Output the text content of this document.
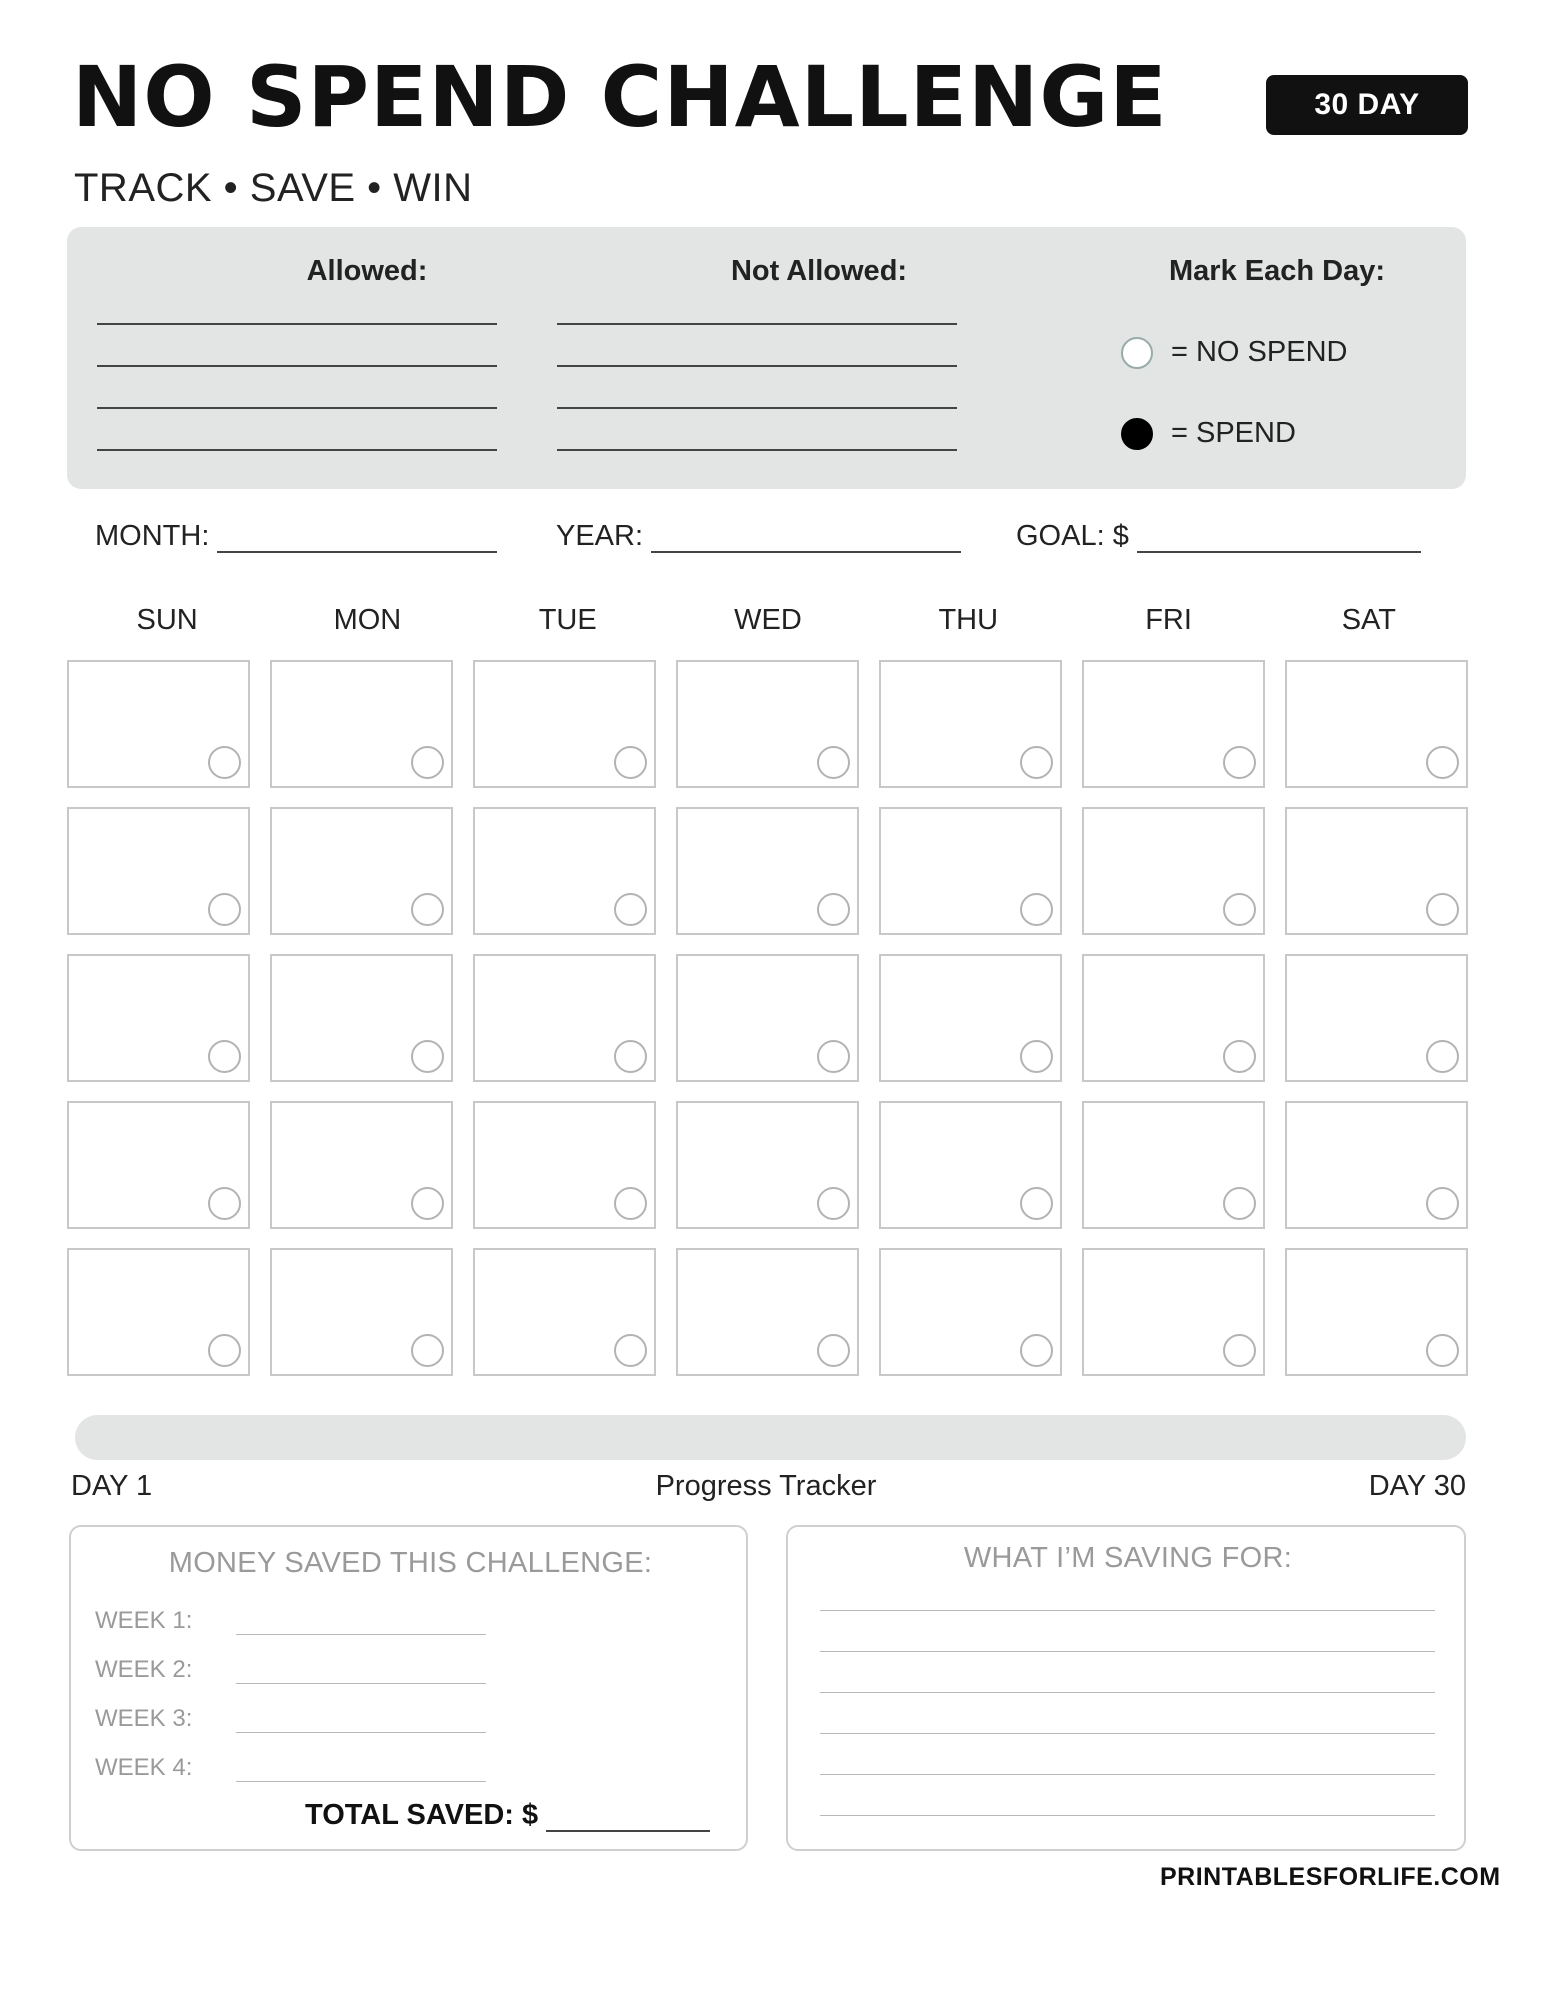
NO SPEND CHALLENGE	30 DAY
TRACK • SAVE • WIN
Allowed:	Not Allowed:	Mark Each Day:
= NO SPEND
= SPEND
MONTH:	YEAR:	GOAL: $
SUN	MON	TUE	WED	THU	FRI	SAT
DAY 1	Progress Tracker	DAY 30
MONEY SAVED THIS CHALLENGE:
WEEK 1:
WEEK 2:
WEEK 3:
WEEK 4:
TOTAL SAVED: $
WHAT I’M SAVING FOR:
PRINTABLESFORLIFE.COM
